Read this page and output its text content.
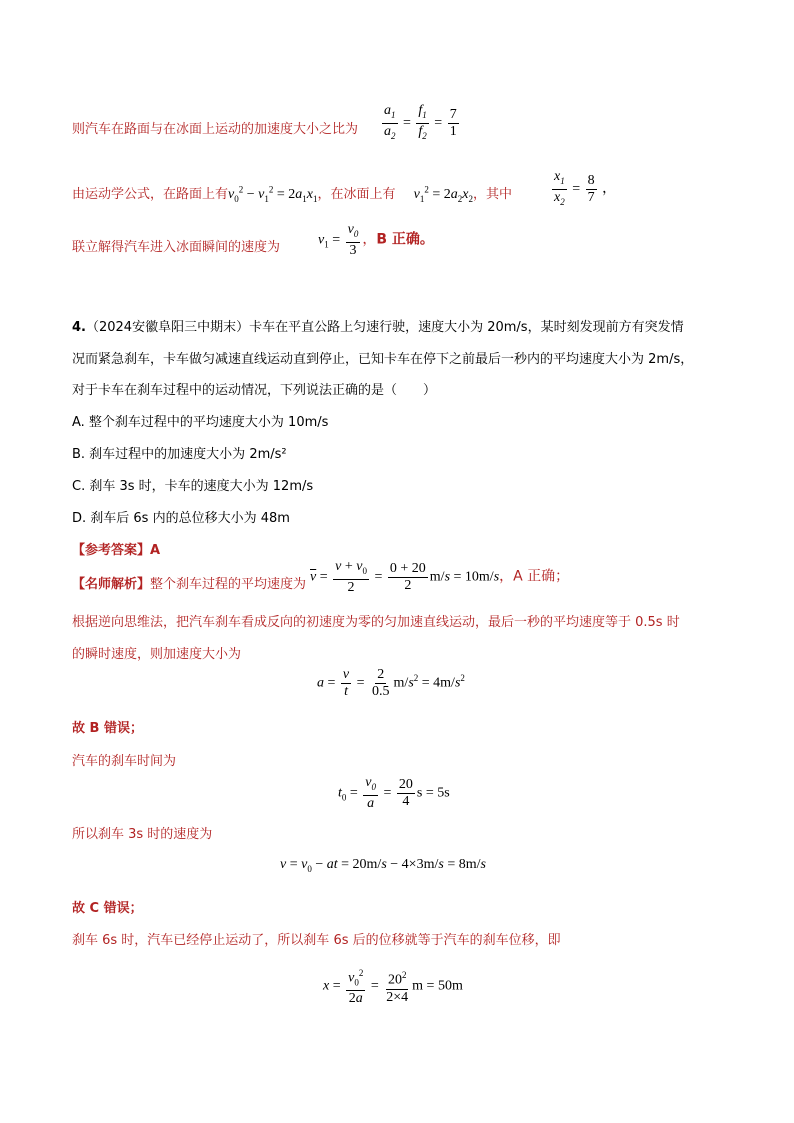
则汽车在路面与在冰面上运动的加速度大小之比为 $\frac{a_1}{a_2} = \frac{f_1}{f_2} = \frac{7}{1}$
由运动学公式，在路面上有$v_0^2 - v_1^2 = 2a_1x_1$，在冰面上有 $v_1^2 = 2a_2x_2$，其中	$\frac{x_1}{x_2} = \frac{8}{7}$ ，
联立解得汽车进入冰面瞬间的速度为	$v_1 = \frac{v_0}{3}$ ，B 正确。
4.（2024安徽阜阳三中期末）卡车在平直公路上匀速行驶，速度大小为 20m/s，某时刻发现前方有突发情
况而紧急刹车，卡车做匀减速直线运动直到停止，已知卡车在停下之前最后一秒内的平均速度大小为 2m/s，
对于卡车在刹车过程中的运动情况，下列说法正确的是（　　）
A. 整个刹车过程中的平均速度大小为 10m/s
B. 刹车过程中的加速度大小为 2m/s²
C. 刹车 3s 时，卡车的速度大小为 12m/s
D. 刹车后 6s 内的总位移大小为 48m
【参考答案】A
【名师解析】整个刹车过程的平均速度为 $\overline{v} = \frac{v + v_0}{2} = \frac{0 + 20}{2} m/s = 10m/s$，A 正确；
根据逆向思维法，把汽车刹车看成反向的初速度为零的匀加速直线运动，最后一秒的平均速度等于 0.5s 时
的瞬时速度，则加速度大小为
$a = \frac{v}{t} = \frac{2}{0.5} m/s^2 = 4m/s^2$
故 B 错误；
汽车的刹车时间为
$t_0 = \frac{v_0}{a} = \frac{20}{4}$ s = 5s
所以刹车 3s 时的速度为
$v = v_0$ − at = 20m/s − 4×3m/s = 8m/s
故 C 错误；
刹车 6s 时，汽车已经停止运动了，所以刹车 6s 后的位移就等于汽车的刹车位移，即
$x = \frac{v_0^2}{2a} = \frac{20^2}{2\times 4}$ m = 50m
